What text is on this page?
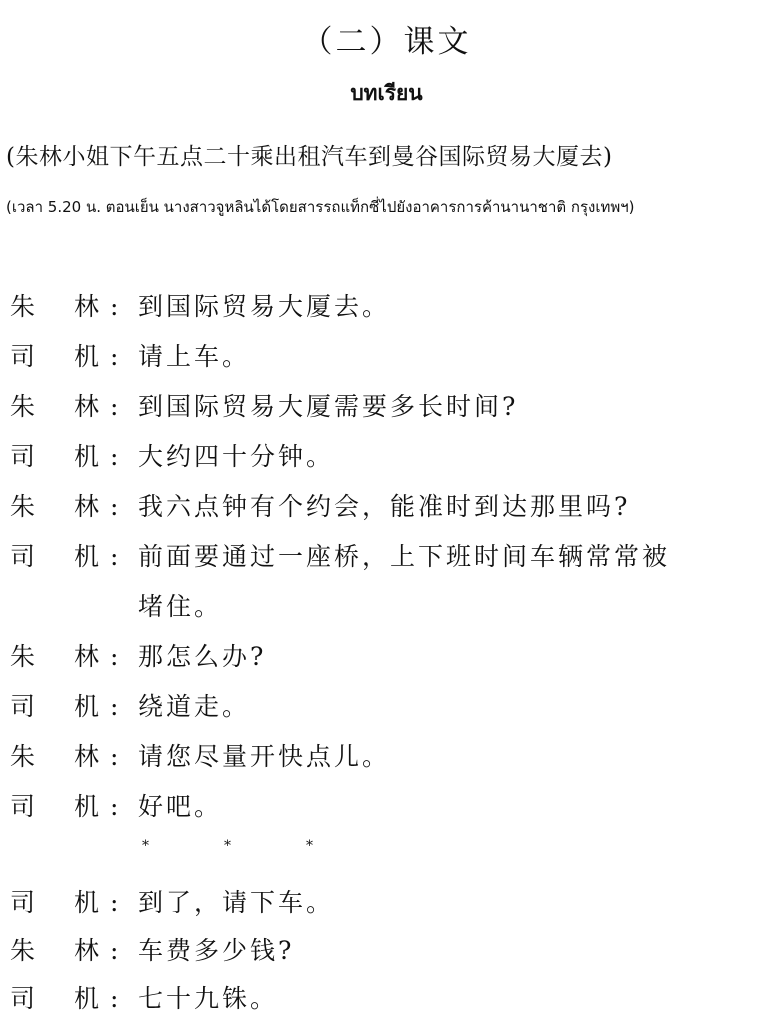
（二）课文
บทเรียน
(朱林小姐下午五点二十乘出租汽车到曼谷国际贸易大厦去)
(เวลา 5.20 น. ตอนเย็น นางสาวจูหลินได้โดยสารรถแท็กซี่ไปยังอาคารการค้านานาชาติ กรุงเทพฯ)
朱 林 : 到国际贸易大厦去。
司 机 : 请上车。
朱 林 : 到国际贸易大厦需要多长时间?
司 机 : 大约四十分钟。
朱 林 : 我六点钟有个约会，能准时到达那里吗?
司 机 : 前面要通过一座桥，上下班时间车辆常常被
堵住。
朱 林 : 那怎么办?
司 机 : 绕道走。
朱 林 : 请您尽量开快点儿。
司 机 : 好吧。
*	*	*
司 机 : 到了，请下车。
朱 林 : 车费多少钱?
司 机 : 七十九铢。
